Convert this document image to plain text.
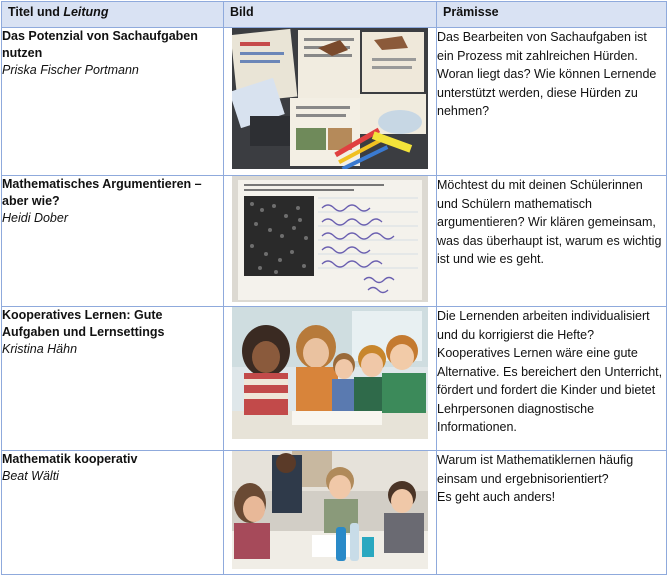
Titel und Leitung	Bild	Prämisse

Das Potenzial von Sachaufgaben nutzen
Priska Fischer Portmann		Das Bearbeiten von Sachaufgaben ist ein Prozess mit zahlreichen Hürden.
Woran liegt das? Wie können Lernende unterstützt werden, diese Hürden zu nehmen?

Mathematisches Argumentieren – aber wie?
Heidi Dober		Möchtest du mit deinen Schülerinnen und Schülern mathematisch argumentieren? Wir klären gemeinsam, was das überhaupt ist, warum es wichtig ist und wie es geht.

Kooperatives Lernen: Gute Aufgaben und Lernsettings
Kristina Hähn		Die Lernenden arbeiten individualisiert und du korrigierst die Hefte?
Kooperatives Lernen wäre eine gute Alternative. Es bereichert den Unterricht, fördert und fordert die Kinder und bietet Lehrpersonen diagnostische Informationen.

Mathematik kooperativ
Beat Wälti		Warum ist Mathematiklernen häufig einsam und ergebnisorientiert?
Es geht auch anders!
